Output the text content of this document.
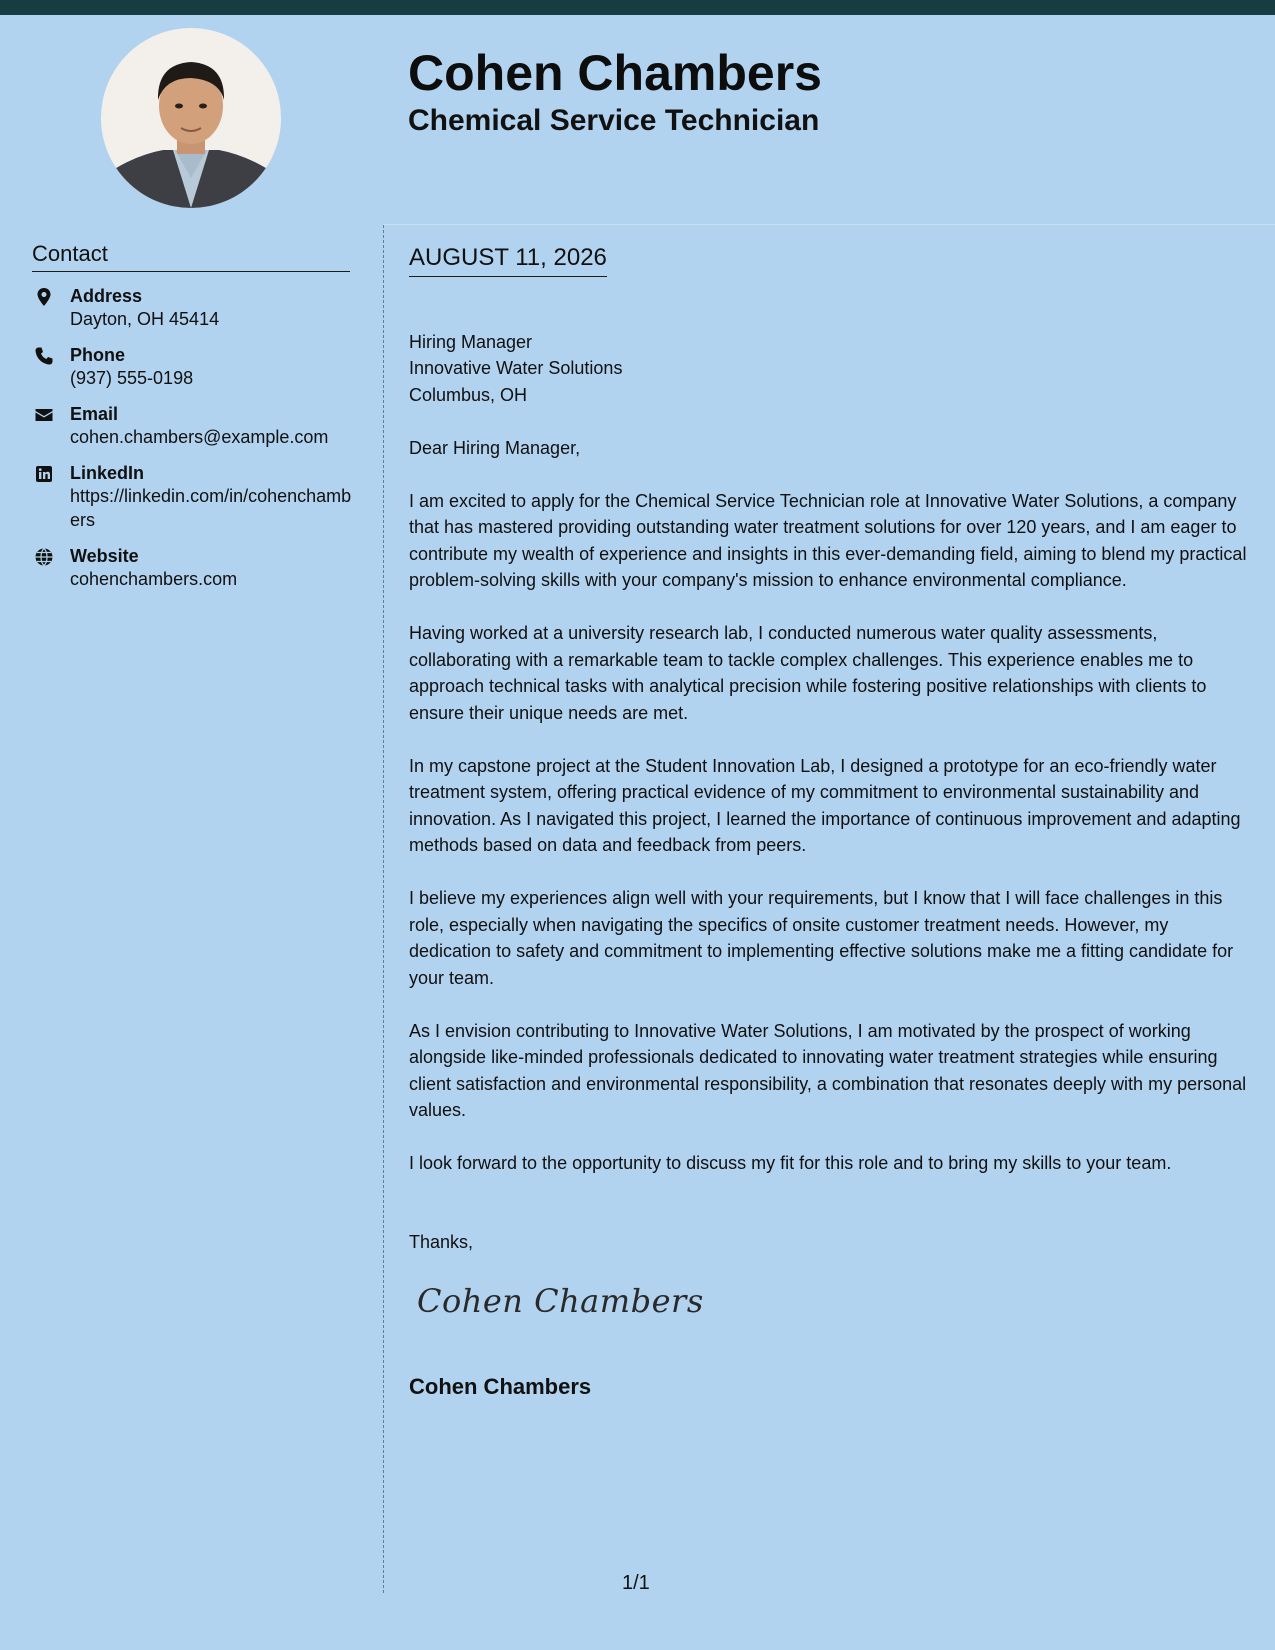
Cohen Chambers
Chemical Service Technician
Contact
Address
Dayton, OH 45414
Phone
(937) 555-0198
Email
cohen.chambers@example.com
LinkedIn
https://linkedin.com/in/cohenchambers
Website
cohenchambers.com
AUGUST 11, 2026

Hiring Manager
Innovative Water Solutions
Columbus, OH

Dear Hiring Manager,

I am excited to apply for the Chemical Service Technician role at Innovative Water Solutions, a company that has mastered providing outstanding water treatment solutions for over 120 years, and I am eager to contribute my wealth of experience and insights in this ever-demanding field, aiming to blend my practical problem-solving skills with your company's mission to enhance environmental compliance.

Having worked at a university research lab, I conducted numerous water quality assessments, collaborating with a remarkable team to tackle complex challenges. This experience enables me to approach technical tasks with analytical precision while fostering positive relationships with clients to ensure their unique needs are met.

In my capstone project at the Student Innovation Lab, I designed a prototype for an eco-friendly water treatment system, offering practical evidence of my commitment to environmental sustainability and innovation. As I navigated this project, I learned the importance of continuous improvement and adapting methods based on data and feedback from peers.

I believe my experiences align well with your requirements, but I know that I will face challenges in this role, especially when navigating the specifics of onsite customer treatment needs. However, my dedication to safety and commitment to implementing effective solutions make me a fitting candidate for your team.

As I envision contributing to Innovative Water Solutions, I am motivated by the prospect of working alongside like-minded professionals dedicated to innovating water treatment strategies while ensuring client satisfaction and environmental responsibility, a combination that resonates deeply with my personal values.

I look forward to the opportunity to discuss my fit for this role and to bring my skills to your team.

Thanks,

Cohen Chambers
Cohen Chambers
1/1
